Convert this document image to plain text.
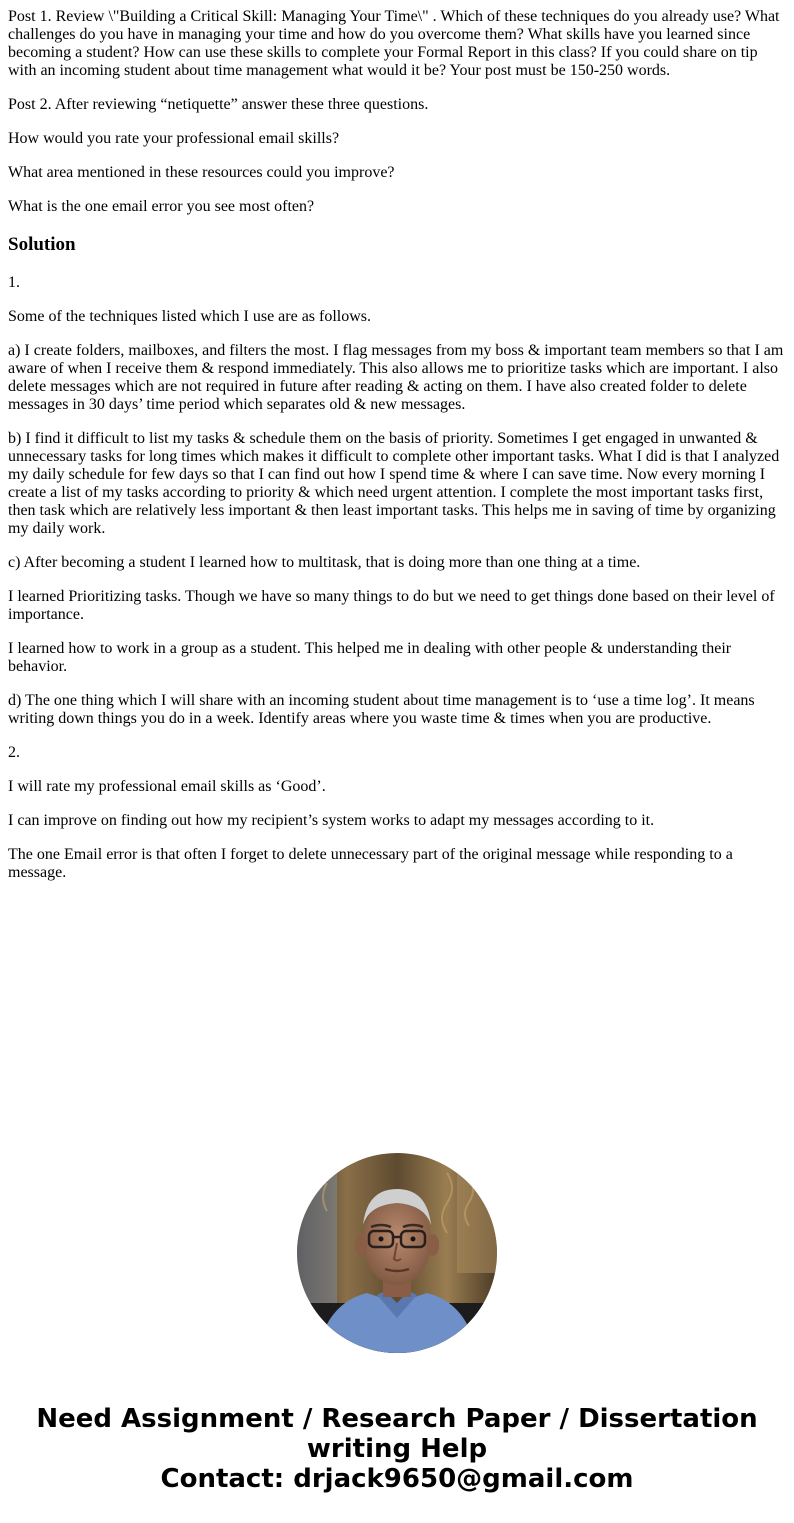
Post 1. Review \"Building a Critical Skill: Managing Your Time\" . Which of these techniques do you already use? What challenges do you have in managing your time and how do you overcome them? What skills have you learned since becoming a student? How can use these skills to complete your Formal Report in this class? If you could share on tip with an incoming student about time management what would it be? Your post must be 150-250 words.

Post 2. After reviewing “netiquette” answer these three questions.

How would you rate your professional email skills?

What area mentioned in these resources could you improve?

What is the one email error you see most often?

Solution

1.

Some of the techniques listed which I use are as follows.

a) I create folders, mailboxes, and filters the most. I flag messages from my boss & important team members so that I am aware of when I receive them & respond immediately. This also allows me to prioritize tasks which are important. I also delete messages which are not required in future after reading & acting on them. I have also created folder to delete messages in 30 days’ time period which separates old & new messages.

b) I find it difficult to list my tasks & schedule them on the basis of priority. Sometimes I get engaged in unwanted & unnecessary tasks for long times which makes it difficult to complete other important tasks. What I did is that I analyzed my daily schedule for few days so that I can find out how I spend time & where I can save time. Now every morning I create a list of my tasks according to priority & which need urgent attention. I complete the most important tasks first, then task which are relatively less important & then least important tasks. This helps me in saving of time by organizing my daily work.

c) After becoming a student I learned how to multitask, that is doing more than one thing at a time.

I learned Prioritizing tasks. Though we have so many things to do but we need to get things done based on their level of importance.

I learned how to work in a group as a student. This helped me in dealing with other people & understanding their behavior.

d) The one thing which I will share with an incoming student about time management is to ‘use a time log’. It means writing down things you do in a week. Identify areas where you waste time & times when you are productive.

2.

I will rate my professional email skills as ‘Good’.

I can improve on finding out how my recipient’s system works to adapt my messages according to it.

The one Email error is that often I forget to delete unnecessary part of the original message while responding to a message.

Need Assignment / Research Paper / Dissertation
writing Help
Contact: drjack9650@gmail.com
